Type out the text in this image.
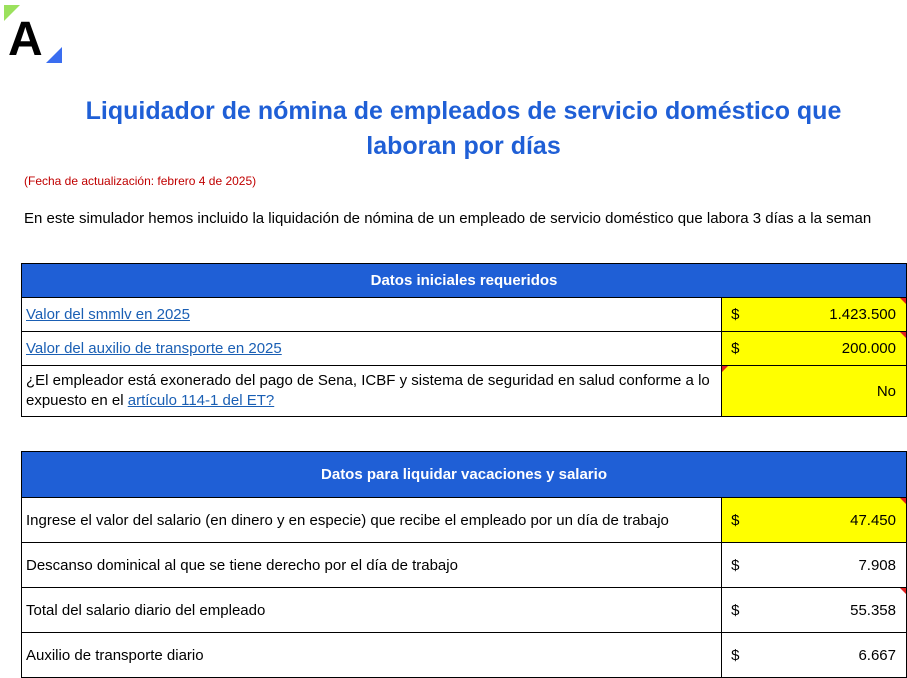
A
Liquidador de nómina de empleados de servicio doméstico que
laboran por días
(Fecha de actualización: febrero 4 de 2025)
En este simulador hemos incluido la liquidación de nómina de un empleado de servicio doméstico que labora 3 días a la seman
Datos iniciales requeridos	
Valor del smmlv en 2025	$ 1.423.500

Valor del auxilio de transporte en 2025	$ 200.000

¿El empleador está exonerado del pago de Sena, ICBF y sistema de seguridad en salud conforme a lo expuesto en el artículo 114-1 del ET?	No
Datos para liquidar vacaciones y salario	
Ingrese el valor del salario (en dinero y en especie) que recibe el empleado por un día de trabajo	$ 47.450

Descanso dominical al que se tiene derecho por el día de trabajo	$ 7.908

Total del salario diario del empleado	$ 55.358

Auxilio de transporte diario	$ 6.667
